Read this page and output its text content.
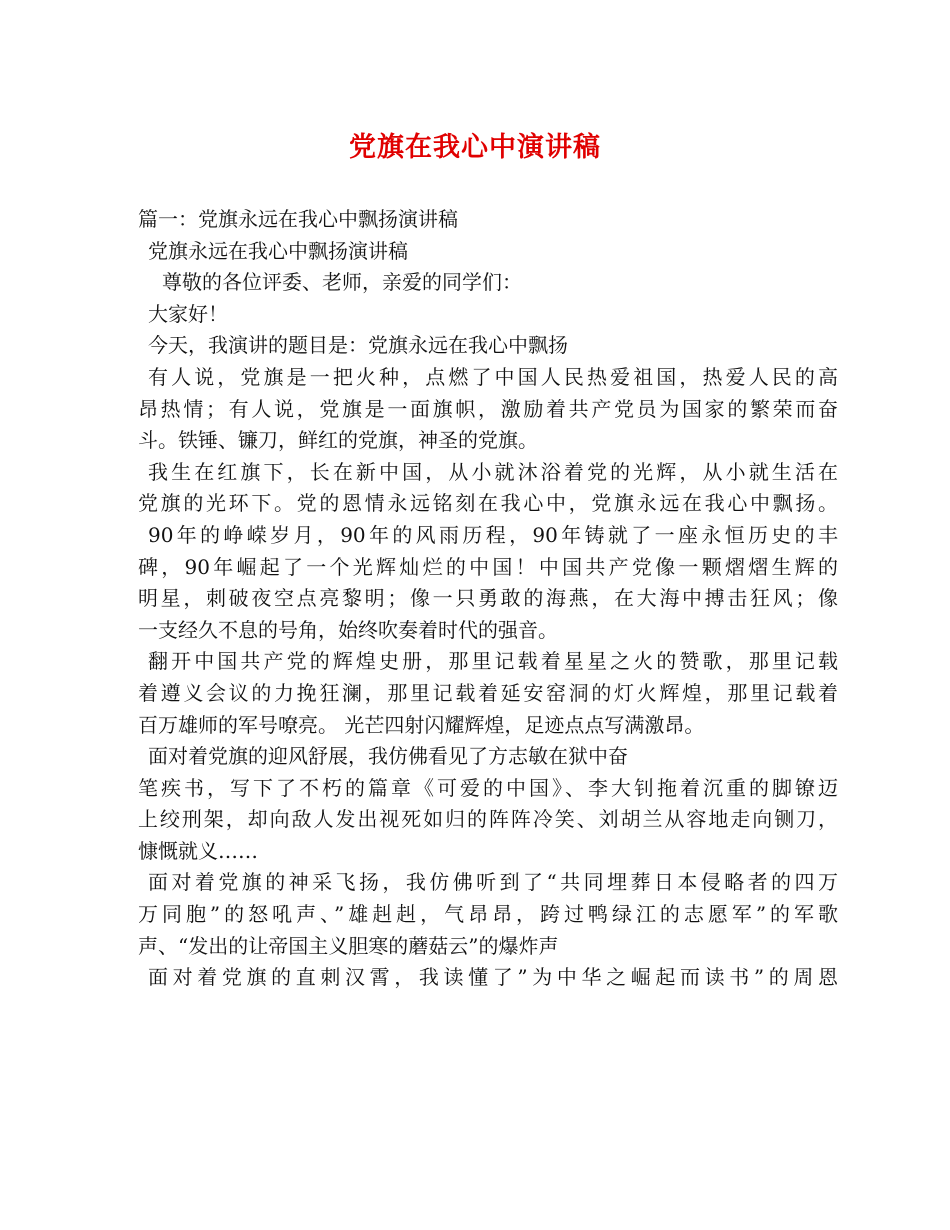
党旗在我心中演讲稿
篇一：党旗永远在我心中飘扬演讲稿
党旗永远在我心中飘扬演讲稿
尊敬的各位评委、老师，亲爱的同学们：
大家好！
今天，我演讲的题目是：党旗永远在我心中飘扬
有人说，党旗是一把火种，点燃了中国人民热爱祖国，热爱人民的高
昂热情；有人说，党旗是一面旗帜，激励着共产党员为国家的繁荣而奋
斗。铁锤、镰刀，鲜红的党旗，神圣的党旗。
我生在红旗下，长在新中国，从小就沐浴着党的光辉，从小就生活在
党旗的光环下。党的恩情永远铭刻在我心中，党旗永远在我心中飘扬。
90年的峥嵘岁月，90年的风雨历程，90年铸就了一座永恒历史的丰
碑，90年崛起了一个光辉灿烂的中国！中国共产党像一颗熠熠生辉的
明星，刺破夜空点亮黎明；像一只勇敢的海燕，在大海中搏击狂风；像
一支经久不息的号角，始终吹奏着时代的强音。
翻开中国共产党的辉煌史册，那里记载着星星之火的赞歌，那里记载
着遵义会议的力挽狂澜，那里记载着延安窑洞的灯火辉煌，那里记载着
百万雄师的军号嘹亮。 光芒四射闪耀辉煌，足迹点点写满激昂。
面对着党旗的迎风舒展，我仿佛看见了方志敏在狱中奋
笔疾书，写下了不朽的篇章《可爱的中国》、李大钊拖着沉重的脚镣迈
上绞刑架，却向敌人发出视死如归的阵阵冷笑、刘胡兰从容地走向铡刀，
慷慨就义……
面对着党旗的神采飞扬，我仿佛听到了“共同埋葬日本侵略者的四万
万同胞”的怒吼声、”雄赳赳，气昂昂，跨过鸭绿江的志愿军”的军歌
声、“发出的让帝国主义胆寒的蘑菇云”的爆炸声
面对着党旗的直刺汉霄，我读懂了”为中华之崛起而读书”的周恩
